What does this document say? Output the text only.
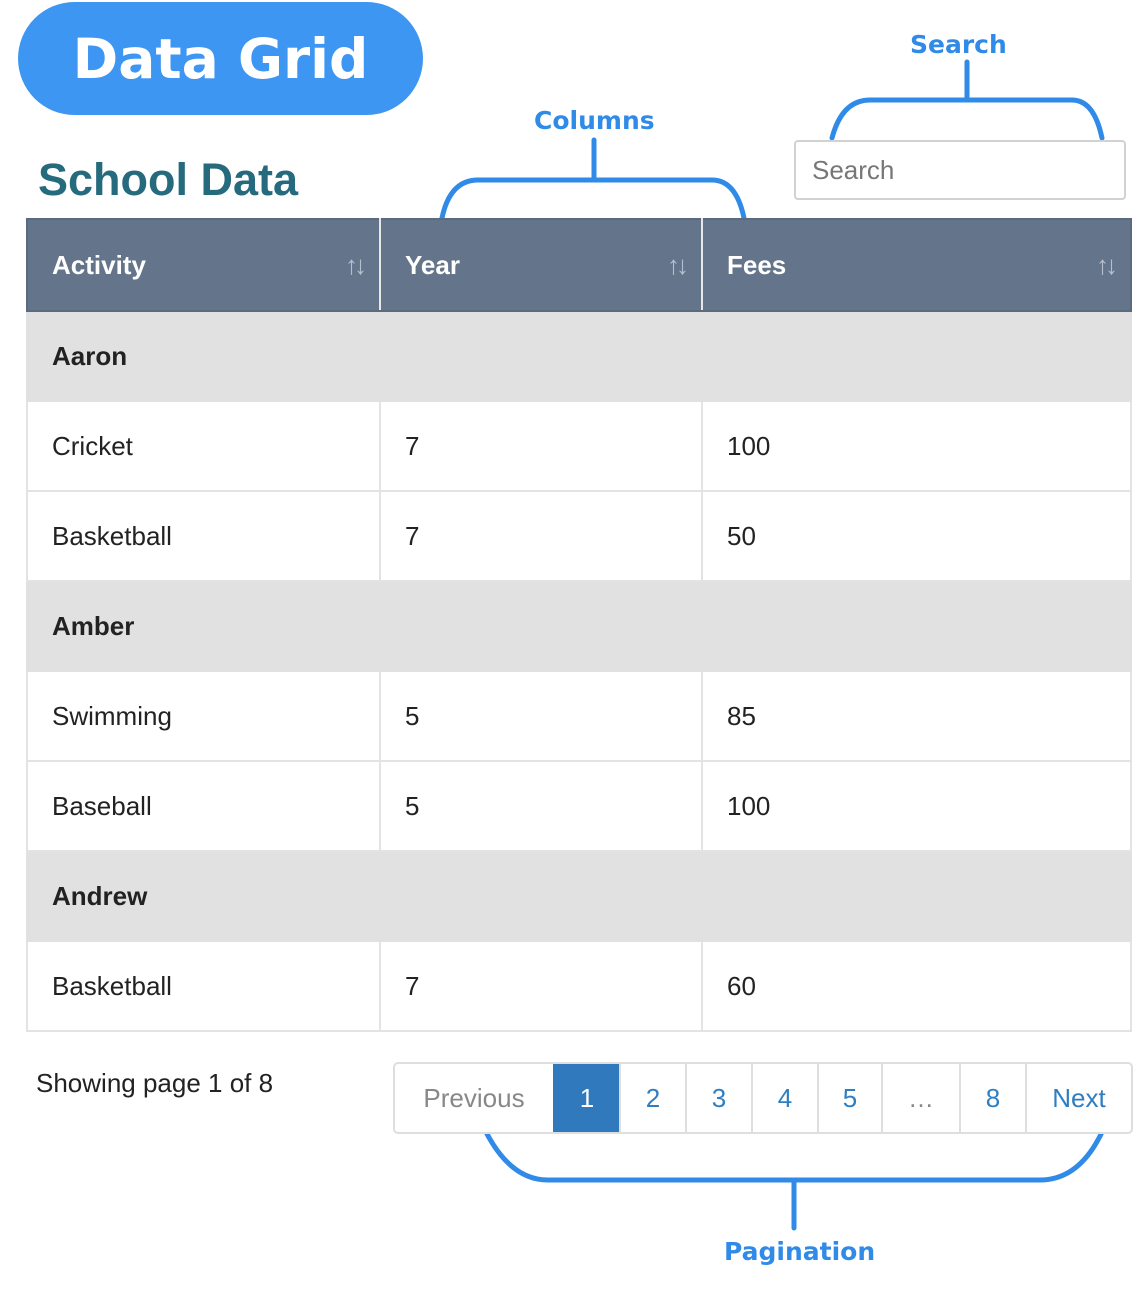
Data Grid	Search
Columns
Pagination
School Data
Search
Activity ↑↓	Year ↑↓	Fees ↑↓

Aaron		
Cricket	7	100
Basketball	7	50
Amber		
Swimming	5	85
Baseball	5	100
Andrew		
Basketball	7	60
Showing page 1 of 8	Previous	1	2	3	4	5	…	8	Next
